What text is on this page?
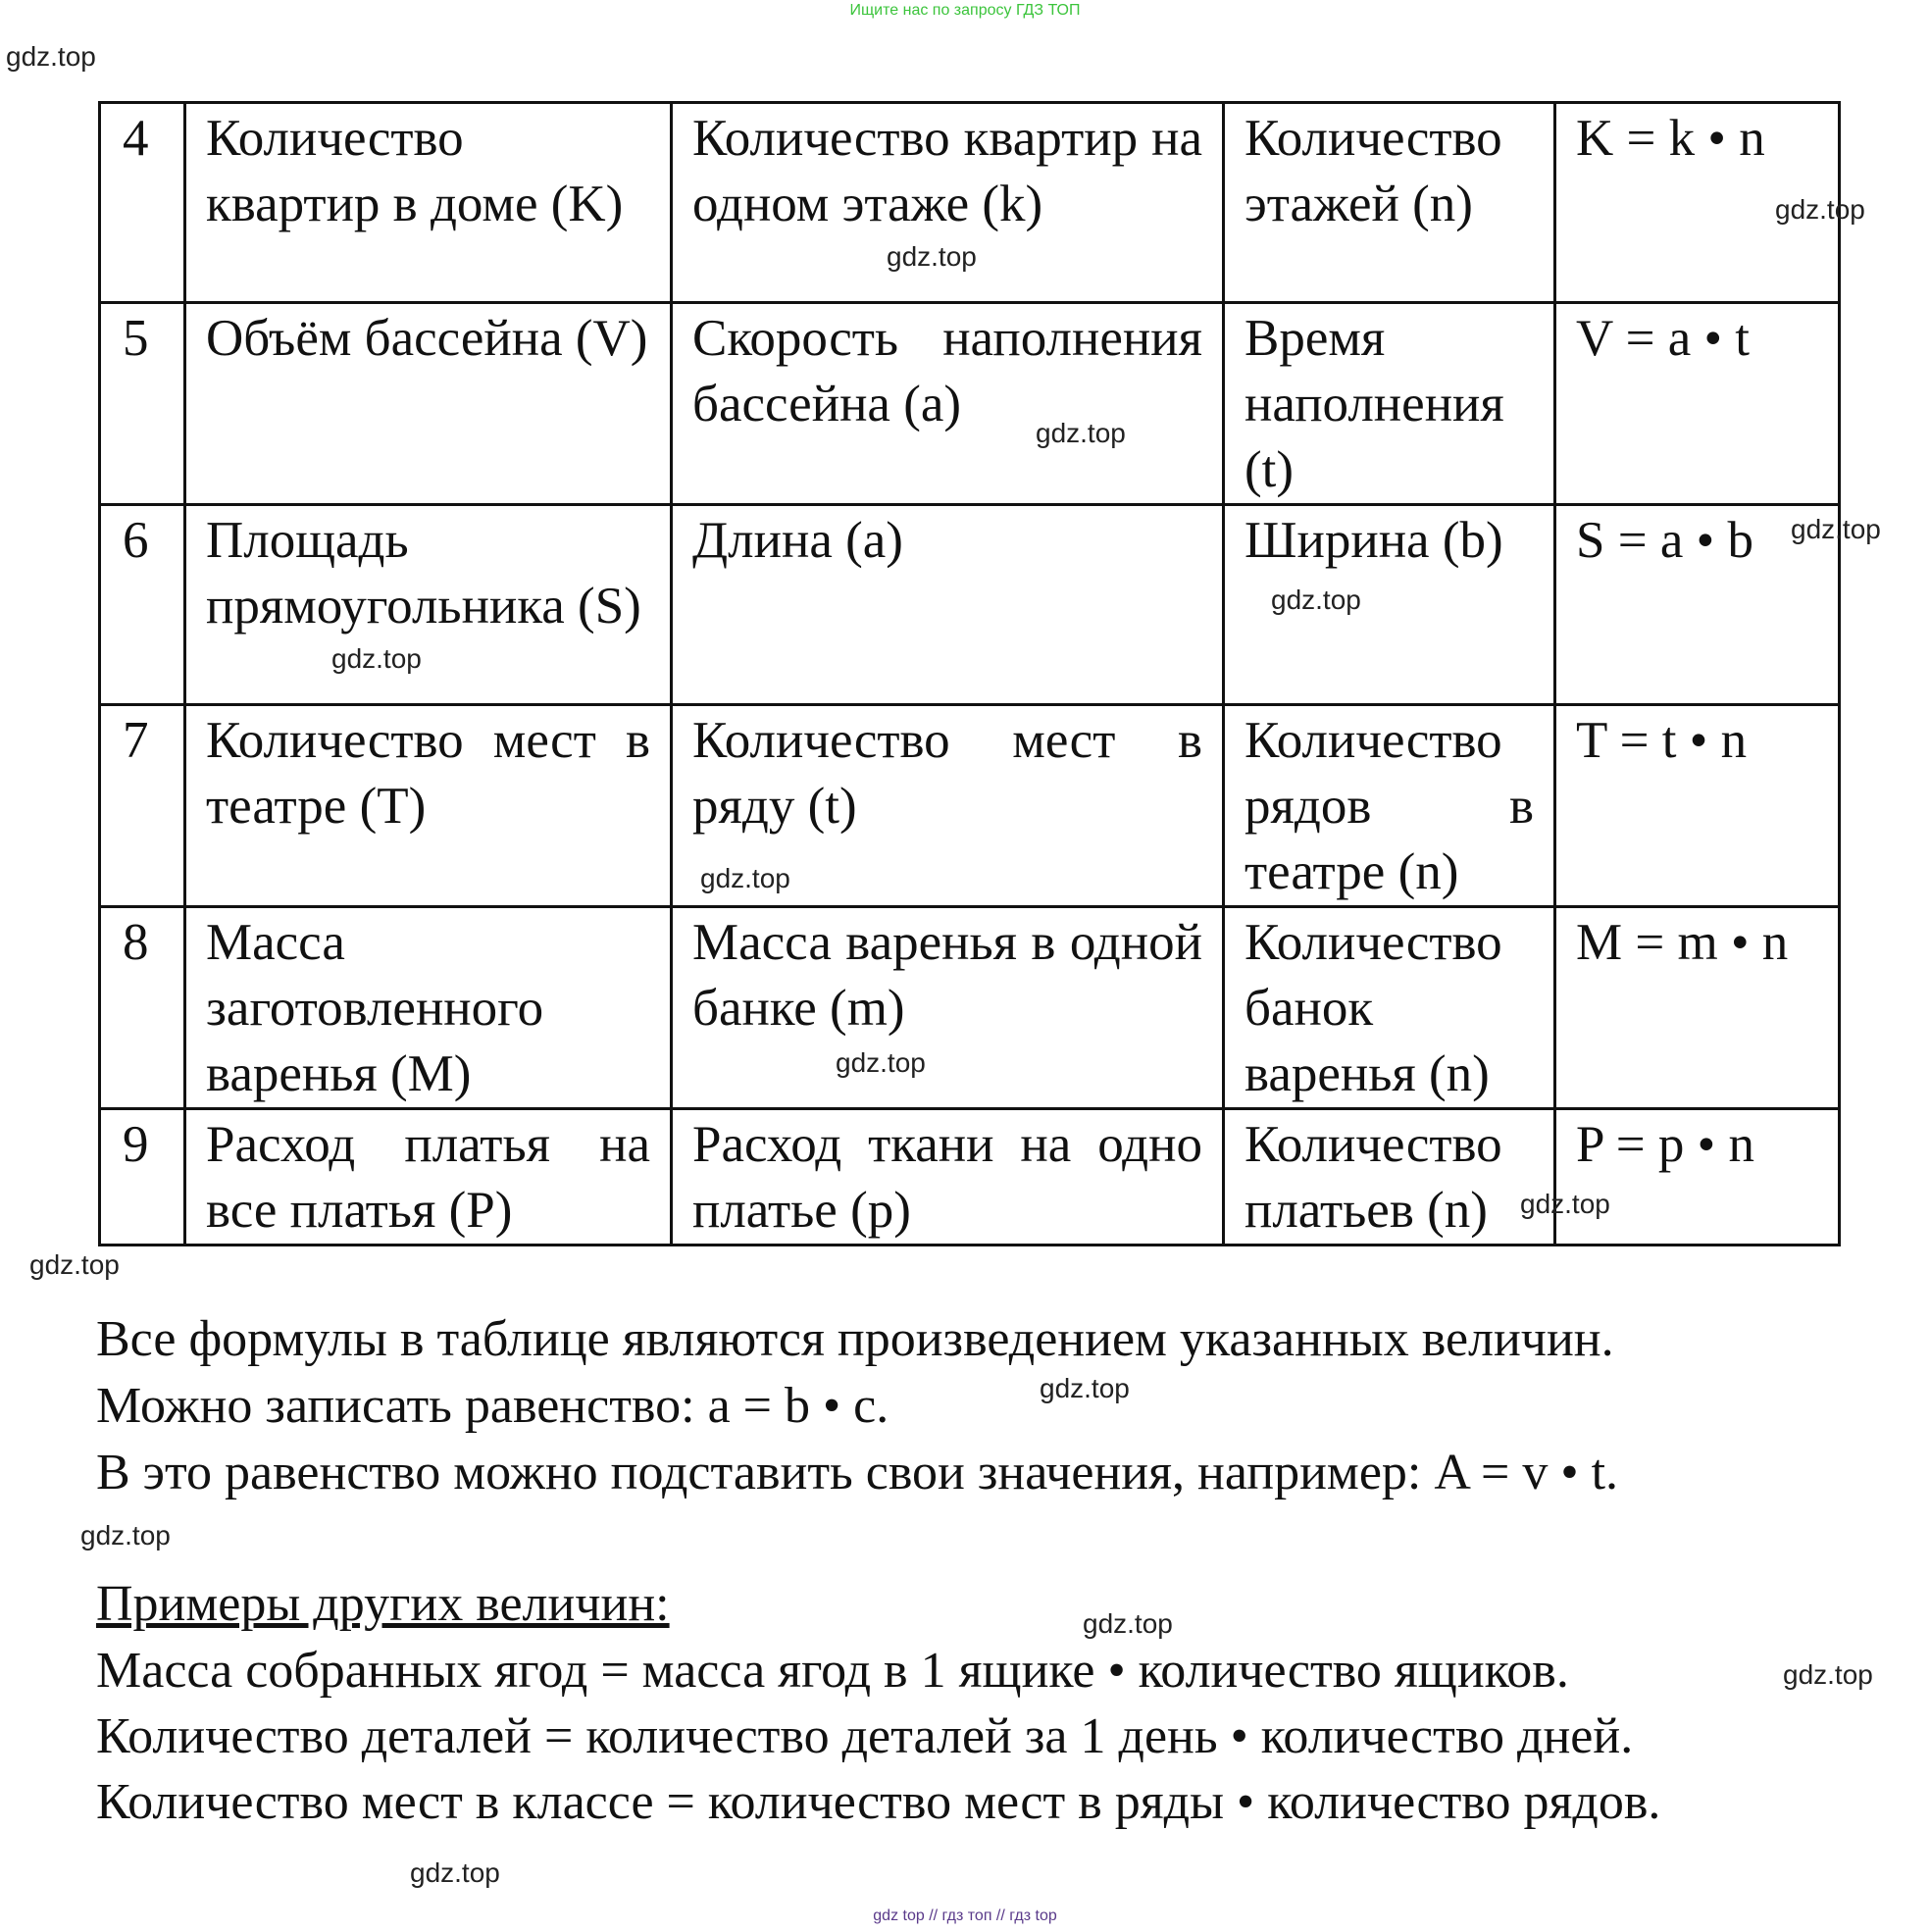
Ищите нас по запросу ГДЗ ТОП
4	Количество квартир в доме (K)	Количество квартир на одном этаже (k)	Количество этажей (n)	K = k • n
5	Объём бассейна (V)	Скорость наполнения бассейна (a)	Время наполнения (t)	V = a • t
6	Площадь прямоугольника (S)	Длина (a)	Ширина (b)	S = a • b
7	Количество мест в театре (T)	Количество мест в ряду (t)	Количество рядов в театре (n)	T = t • n
8	Масса заготовленного варенья (M)	Масса варенья в одной банке (m)	Количество банок варенья (n)	M = m • n
9	Расход платья на все платья (P)	Расход ткани на одно платье (p)	Количество платьев (n)	P = p • n
Все формулы в таблице являются произведением указанных величин.
Можно записать равенство: a = b • c.
В это равенство можно подставить свои значения, например: A = v • t.
Примеры других величин:
Масса собранных ягод = масса ягод в 1 ящике • количество ящиков.
Количество деталей = количество деталей за 1 день • количество дней.
Количество мест в классе = количество мест в ряды • количество рядов.
gdz.top
gdz.top
gdz.top
gdz.top
gdz.top
gdz.top
gdz.top
gdz.top
gdz.top
gdz.top
gdz.top
gdz.top
gdz.top
gdz.top
gdz.top
gdz.top
gdz top // гдз топ // гдз top
